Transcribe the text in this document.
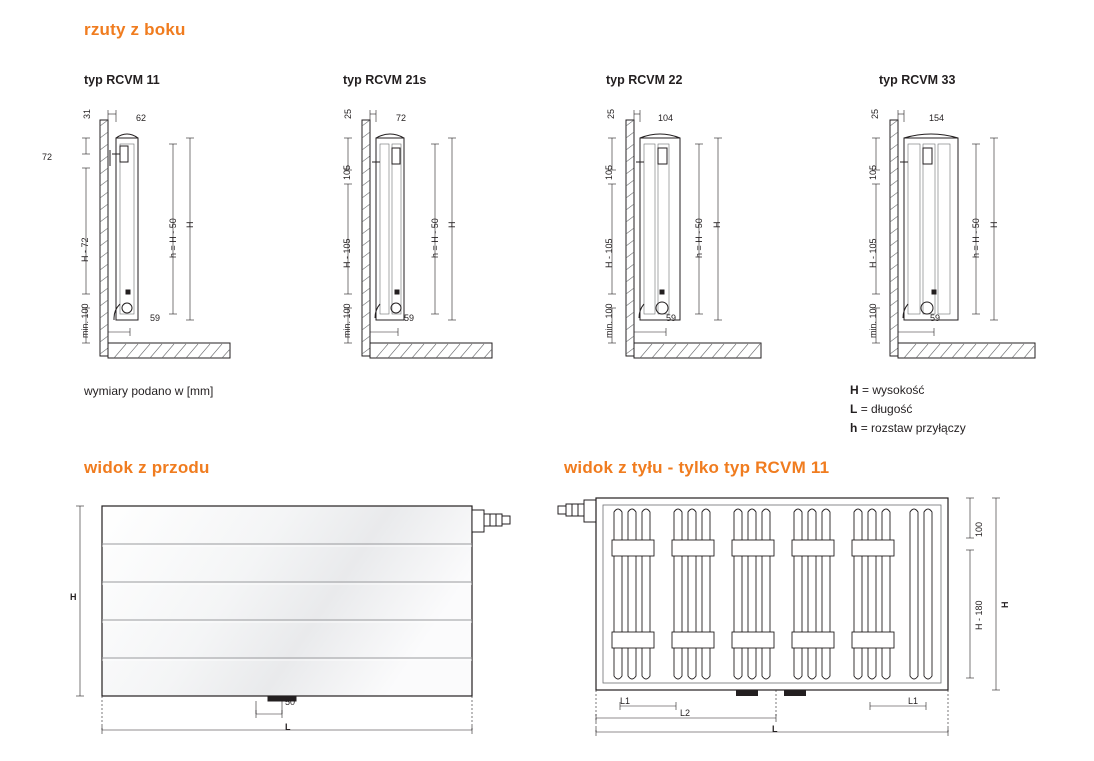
rzuty z boku
typ RCVM 11	typ RCVM 21s	typ RCVM 22	typ RCVM 33
wymiary podano w [mm]	H = wysokość
L = długość
h = rozstaw przyłączy
widok z przodu	widok z tyłu - tylko typ RCVM 11
72
31	62
H - 72
min. 100
h = H - 50 H
59
105
25	72
H - 105
min. 100
h = H - 50 H
59
105
25	104
H - 105
min. 100
h = H - 50 H
59
105
25	154
H - 105
min. 100
h = H - 50 H
59
H
50
L
100
H - 180 H
L1	L1
L2
L
